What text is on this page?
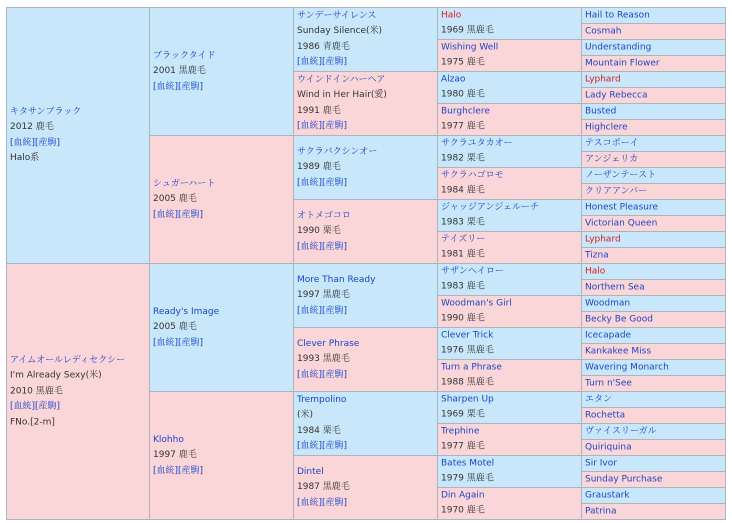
キタサンブラック
2012 鹿毛
[血統][産駒]
Halo系
アイムオールレディセクシー
I'm Already Sexy(米)
2010 黒鹿毛
[血統][産駒]
FNo.[2-m]
ブラックタイド
2001 黒鹿毛
[血統][産駒]
シュガーハート
2005 鹿毛
[血統][産駒]
Ready's Image
2005 鹿毛
[血統][産駒]
Klohho
1997 鹿毛
[血統][産駒]
サンデーサイレンス
Sunday Silence(米)
1986 青鹿毛
[血統][産駒]
ウインドインハーヘア
Wind in Her Hair(愛)
1991 鹿毛
[血統][産駒]
サクラバクシンオー
1989 鹿毛
[血統][産駒]
オトメゴコロ
1990 栗毛
[血統][産駒]
More Than Ready
1997 黒鹿毛
[血統][産駒]
Clever Phrase
1993 黒鹿毛
[血統][産駒]
Trempolino
(米)
1984 栗毛
[血統][産駒]
Dintel
1987 黒鹿毛
[血統][産駒]
Halo
1969 黒鹿毛
Wishing Well
1975 鹿毛
Alzao
1980 鹿毛
Burghclere
1977 鹿毛
サクラユタカオー
1982 栗毛
サクラハゴロモ
1984 鹿毛
ジャッジアンジェルーチ
1983 栗毛
テイズリー
1981 鹿毛
サザンヘイロー
1983 鹿毛
Woodman's Girl
1990 鹿毛
Clever Trick
1976 黒鹿毛
Turn a Phrase
1988 黒鹿毛
Sharpen Up
1969 栗毛
Trephine
1977 鹿毛
Bates Motel
1979 黒鹿毛
Din Again
1970 鹿毛
Hail to Reason
Cosmah
Understanding
Mountain Flower
Lyphard
Lady Rebecca
Busted
Highclere
テスコボーイ
アンジェリカ
ノーザンテースト
クリアアンバー
Honest Pleasure
Victorian Queen
Lyphard
Tizna
Halo
Northern Sea
Woodman
Becky Be Good
Icecapade
Kankakee Miss
Wavering Monarch
Turn n'See
エタン
Rochetta
ヴァイスリーガル
Quiriquina
Sir Ivor
Sunday Purchase
Graustark
Patrina
